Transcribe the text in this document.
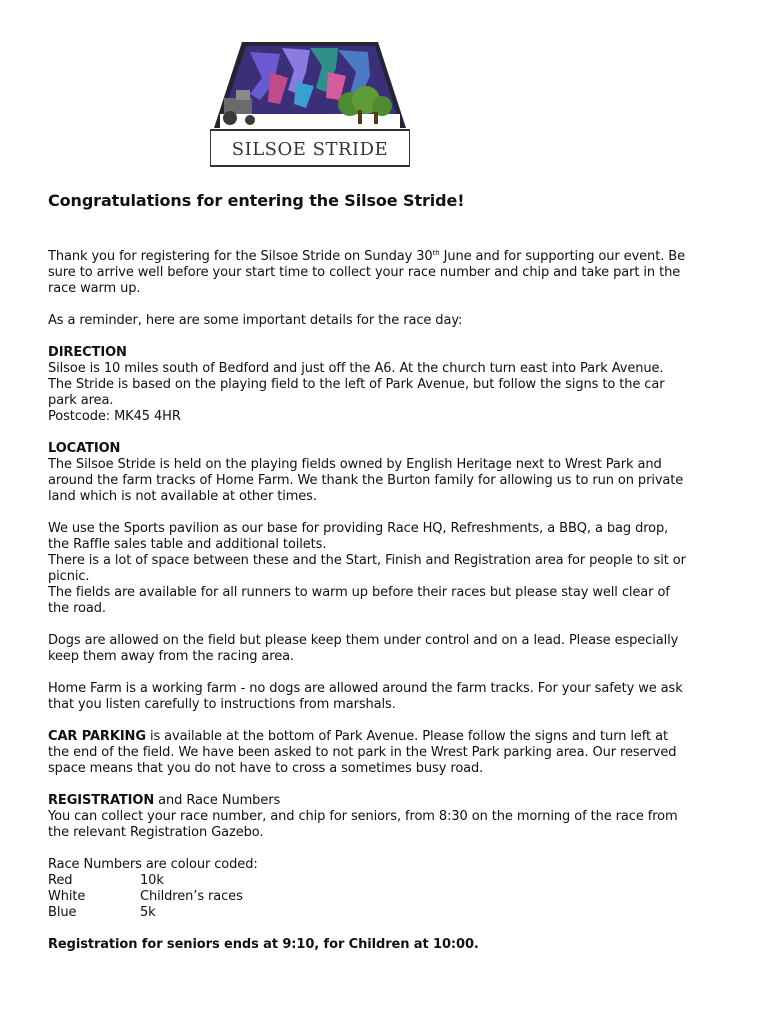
SILSOE STRIDE
Congratulations for entering the Silsoe Stride!

Thank you for registering for the Silsoe Stride on Sunday 30th June and for supporting our event. Be sure to arrive well before your start time to collect your race number and chip and take part in the race warm up.

As a reminder, here are some important details for the race day:

DIRECTION
Silsoe is 10 miles south of Bedford and just off the A6. At the church turn east into Park Avenue. The Stride is based on the playing field to the left of Park Avenue, but follow the signs to the car park area.
Postcode: MK45 4HR
LOCATION
The Silsoe Stride is held on the playing fields owned by English Heritage next to Wrest Park and around the farm tracks of Home Farm. We thank the Burton family for allowing us to run on private land which is not available at other times.
We use the Sports pavilion as our base for providing Race HQ, Refreshments, a BBQ, a bag drop, the Raffle sales table and additional toilets.
There is a lot of space between these and the Start, Finish and Registration area for people to sit or picnic.
The fields are available for all runners to warm up before their races but please stay well clear of the road.

Dogs are allowed on the field but please keep them under control and on a lead. Please especially keep them away from the racing area.

Home Farm is a working farm - no dogs are allowed around the farm tracks. For your safety we ask that you listen carefully to instructions from marshals.

CAR PARKING is available at the bottom of Park Avenue. Please follow the signs and turn left at the end of the field. We have been asked to not park in the Wrest Park parking area. Our reserved space means that you do not have to cross a sometimes busy road.

REGISTRATION and Race Numbers
You can collect your race number, and chip for seniors, from 8:30 on the morning of the race from the relevant Registration Gazebo.
Race Numbers are colour coded:
Red	10k
White	Children’s races
Blue	5k
Registration for seniors ends at 9:10, for Children at 10:00.
